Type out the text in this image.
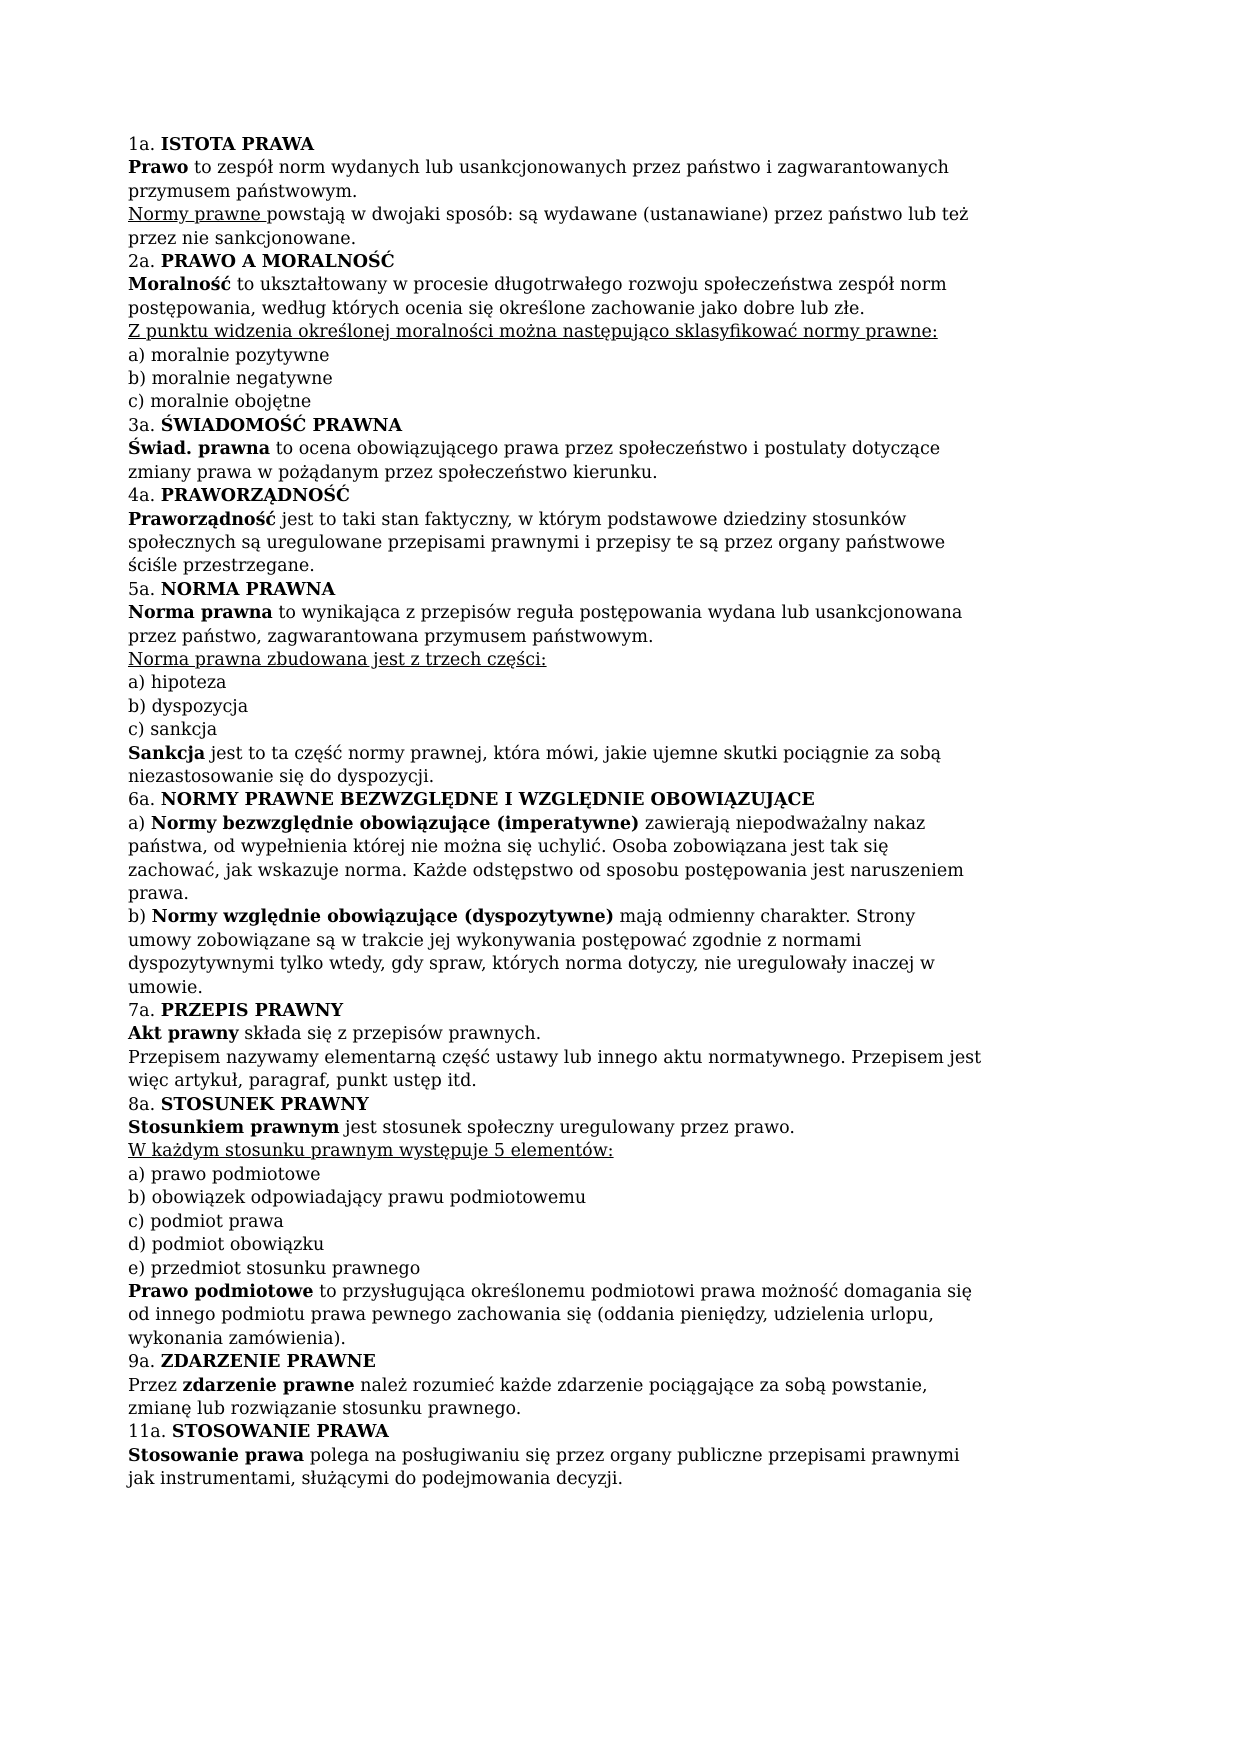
1a. ISTOTA PRAWA

Prawo to zespół norm wydanych lub usankcjonowanych przez państwo i zagwarantowanych przymusem państwowym.

Normy prawne powstają w dwojaki sposób: są wydawane (ustanawiane) przez państwo lub też przez nie sankcjonowane.

2a. PRAWO A MORALNOŚĆ

Moralność to ukształtowany w procesie długotrwałego rozwoju społeczeństwa zespół norm postępowania, według których ocenia się określone zachowanie jako dobre lub złe.

Z punktu widzenia określonej moralności można następująco sklasyfikować normy prawne:

a) moralnie pozytywne

b) moralnie negatywne

c) moralnie obojętne

3a. ŚWIADOMOŚĆ PRAWNA

Świad. prawna to ocena obowiązującego prawa przez społeczeństwo i postulaty dotyczące zmiany prawa w pożądanym przez społeczeństwo kierunku.

4a. PRAWORZĄDNOŚĆ

Praworządność jest to taki stan faktyczny, w którym podstawowe dziedziny stosunków społecznych są uregulowane przepisami prawnymi i przepisy te są przez organy państwowe ściśle przestrzegane.

5a. NORMA PRAWNA

Norma prawna to wynikająca z przepisów reguła postępowania wydana lub usankcjonowana przez państwo, zagwarantowana przymusem państwowym.

Norma prawna zbudowana jest z trzech części:

a) hipoteza

b) dyspozycja

c) sankcja

Sankcja jest to ta część normy prawnej, która mówi, jakie ujemne skutki pociągnie za sobą niezastosowanie się do dyspozycji.

6a. NORMY PRAWNE BEZWZGLĘDNE I WZGLĘDNIE OBOWIĄZUJĄCE

a) Normy bezwzględnie obowiązujące (imperatywne) zawierają niepodważalny nakaz państwa, od wypełnienia której nie można się uchylić. Osoba zobowiązana jest tak się zachować, jak wskazuje norma. Każde odstępstwo od sposobu postępowania jest naruszeniem prawa.

b) Normy względnie obowiązujące (dyspozytywne) mają odmienny charakter. Strony umowy zobowiązane są w trakcie jej wykonywania postępować zgodnie z normami dyspozytywnymi tylko wtedy, gdy spraw, których norma dotyczy, nie uregulowały inaczej w umowie.

7a. PRZEPIS PRAWNY

Akt prawny składa się z przepisów prawnych.

Przepisem nazywamy elementarną część ustawy lub innego aktu normatywnego. Przepisem jest więc artykuł, paragraf, punkt ustęp itd.

8a. STOSUNEK PRAWNY

Stosunkiem prawnym jest stosunek społeczny uregulowany przez prawo.

W każdym stosunku prawnym występuje 5 elementów:

a) prawo podmiotowe

b) obowiązek odpowiadający prawu podmiotowemu

c) podmiot prawa

d) podmiot obowiązku

e) przedmiot stosunku prawnego

Prawo podmiotowe to przysługująca określonemu podmiotowi prawa możność domagania się od innego podmiotu prawa pewnego zachowania się (oddania pieniędzy, udzielenia urlopu, wykonania zamówienia).

9a. ZDARZENIE PRAWNE

Przez zdarzenie prawne należ rozumieć każde zdarzenie pociągające za sobą powstanie, zmianę lub rozwiązanie stosunku prawnego.

11a. STOSOWANIE PRAWA

Stosowanie prawa polega na posługiwaniu się przez organy publiczne przepisami prawnymi jak instrumentami, służącymi do podejmowania decyzji.
